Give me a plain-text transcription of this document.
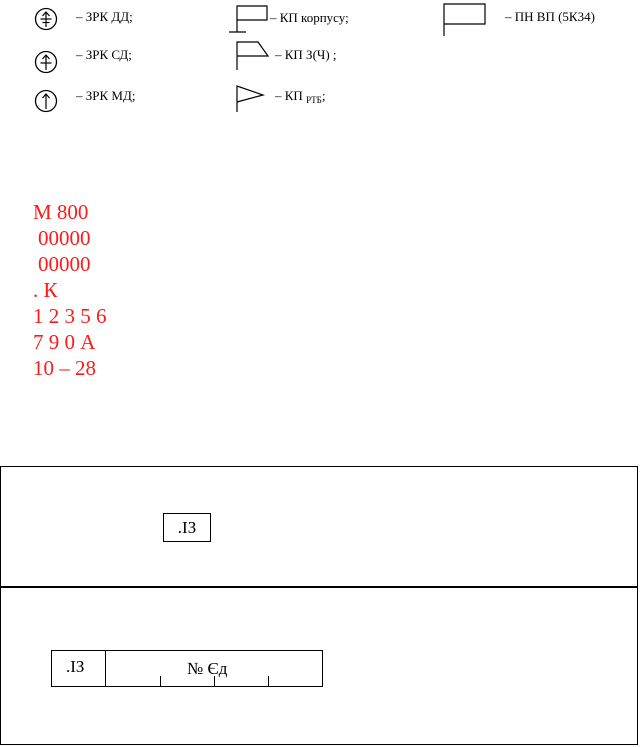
– ЗРК ДД;	– КП корпусу;	– ПН ВП (5К34)
– ЗРК СД;	– КП З(Ч) ;
– ЗРК МД;	– КП $_{РТБ}$;
М 800
00000
00000
. К
1 2 3 5 6
7 9 0 А
10 – 28
.ІЗ
.ІЗ	№ Єд
